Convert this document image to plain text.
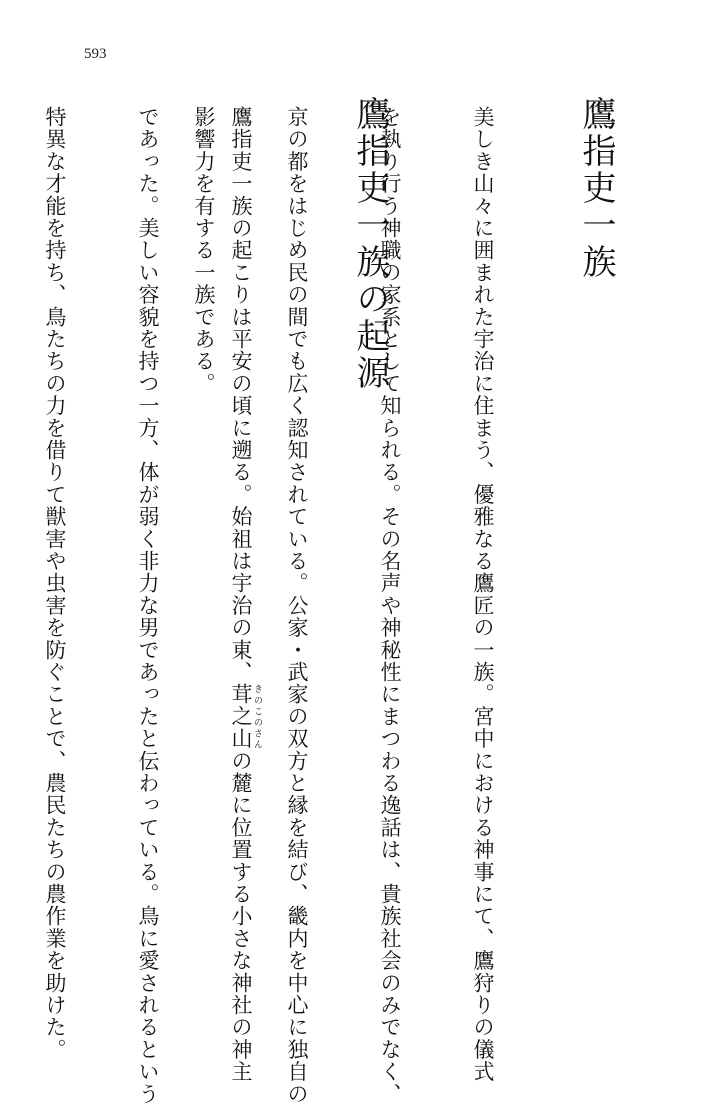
593
鷹指吏一族

美しき山々に囲まれた宇治に住まう、優雅なる鷹匠の一族。宮中における神事にて、鷹狩りの儀式

を執り行う神職の家系として知られる。その名声や神秘性にまつわる逸話は、貴族社会のみでなく、

京の都をはじめ民の間でも広く認知されている。公家・武家の双方と縁を結び、畿内を中心に独自の

影響力を有する一族である。	鷹指吏一族の起源

鷹指吏一族の起こりは平安の頃に遡る。始祖は宇治の東、茸之山 きのこのさんの麓に位置する小さな神社の神主

であった。美しい容貌を持つ一方、体が弱く非力な男であったと伝わっている。鳥に愛されるという

特異な才能を持ち、鳥たちの力を借りて獣害や虫害を防ぐことで、農民たちの農作業を助けた。
